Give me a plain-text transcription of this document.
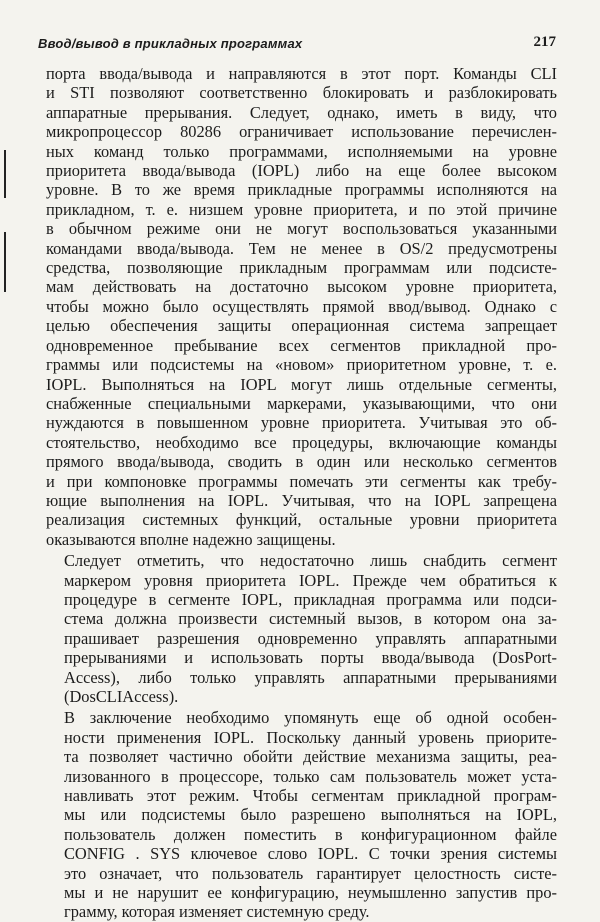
Ввод/вывод в прикладных программах	217
порта ввода/вывода и направляются в этот порт. Команды CLI
и STI позволяют соответственно блокировать и разблокировать
аппаратные прерывания. Следует, однако, иметь в виду, что
микропроцессор 80286 ограничивает использование перечислен-
ных команд только программами, исполняемыми на уровне
приоритета ввода/вывода (IOPL) либо на еще более высоком
уровне. В то же время прикладные программы исполняются на
прикладном, т. е. низшем уровне приоритета, и по этой причине
в обычном режиме они не могут воспользоваться указанными
командами ввода/вывода. Тем не менее в OS/2 предусмотрены
средства, позволяющие прикладным программам или подсисте-
мам действовать на достаточно высоком уровне приоритета,
чтобы можно было осуществлять прямой ввод/вывод. Однако с
целью обеспечения защиты операционная система запрещает
одновременное пребывание всех сегментов прикладной про-
граммы или подсистемы на «новом» приоритетном уровне, т. е.
IOPL. Выполняться на IOPL могут лишь отдельные сегменты,
снабженные специальными маркерами, указывающими, что они
нуждаются в повышенном уровне приоритета. Учитывая это об-
стоятельство, необходимо все процедуры, включающие команды
прямого ввода/вывода, сводить в один или несколько сегментов
и при компоновке программы помечать эти сегменты как требу-
ющие выполнения на IOPL. Учитывая, что на IOPL запрещена
реализация системных функций, остальные уровни приоритета
оказываются вполне надежно защищены.
Следует отметить, что недостаточно лишь снабдить сегмент
маркером уровня приоритета IOPL. Прежде чем обратиться к
процедуре в сегменте IOPL, прикладная программа или подси-
стема должна произвести системный вызов, в котором она за-
прашивает разрешения одновременно управлять аппаратными
прерываниями и использовать порты ввода/вывода (DosPort-
Access), либо только управлять аппаратными прерываниями
(DosCLIAccess).
В заключение необходимо упомянуть еще об одной особен-
ности применения IOPL. Поскольку данный уровень приорите-
та позволяет частично обойти действие механизма защиты, реа-
лизованного в процессоре, только сам пользователь может уста-
навливать этот режим. Чтобы сегментам прикладной програм-
мы или подсистемы было разрешено выполняться на IOPL,
пользователь должен поместить в конфигурационном файле
CONFIG . SYS ключевое слово IOPL. С точки зрения системы
это означает, что пользователь гарантирует целостность систе-
мы и не нарушит ее конфигурацию, неумышленно запустив про-
грамму, которая изменяет системную среду.
